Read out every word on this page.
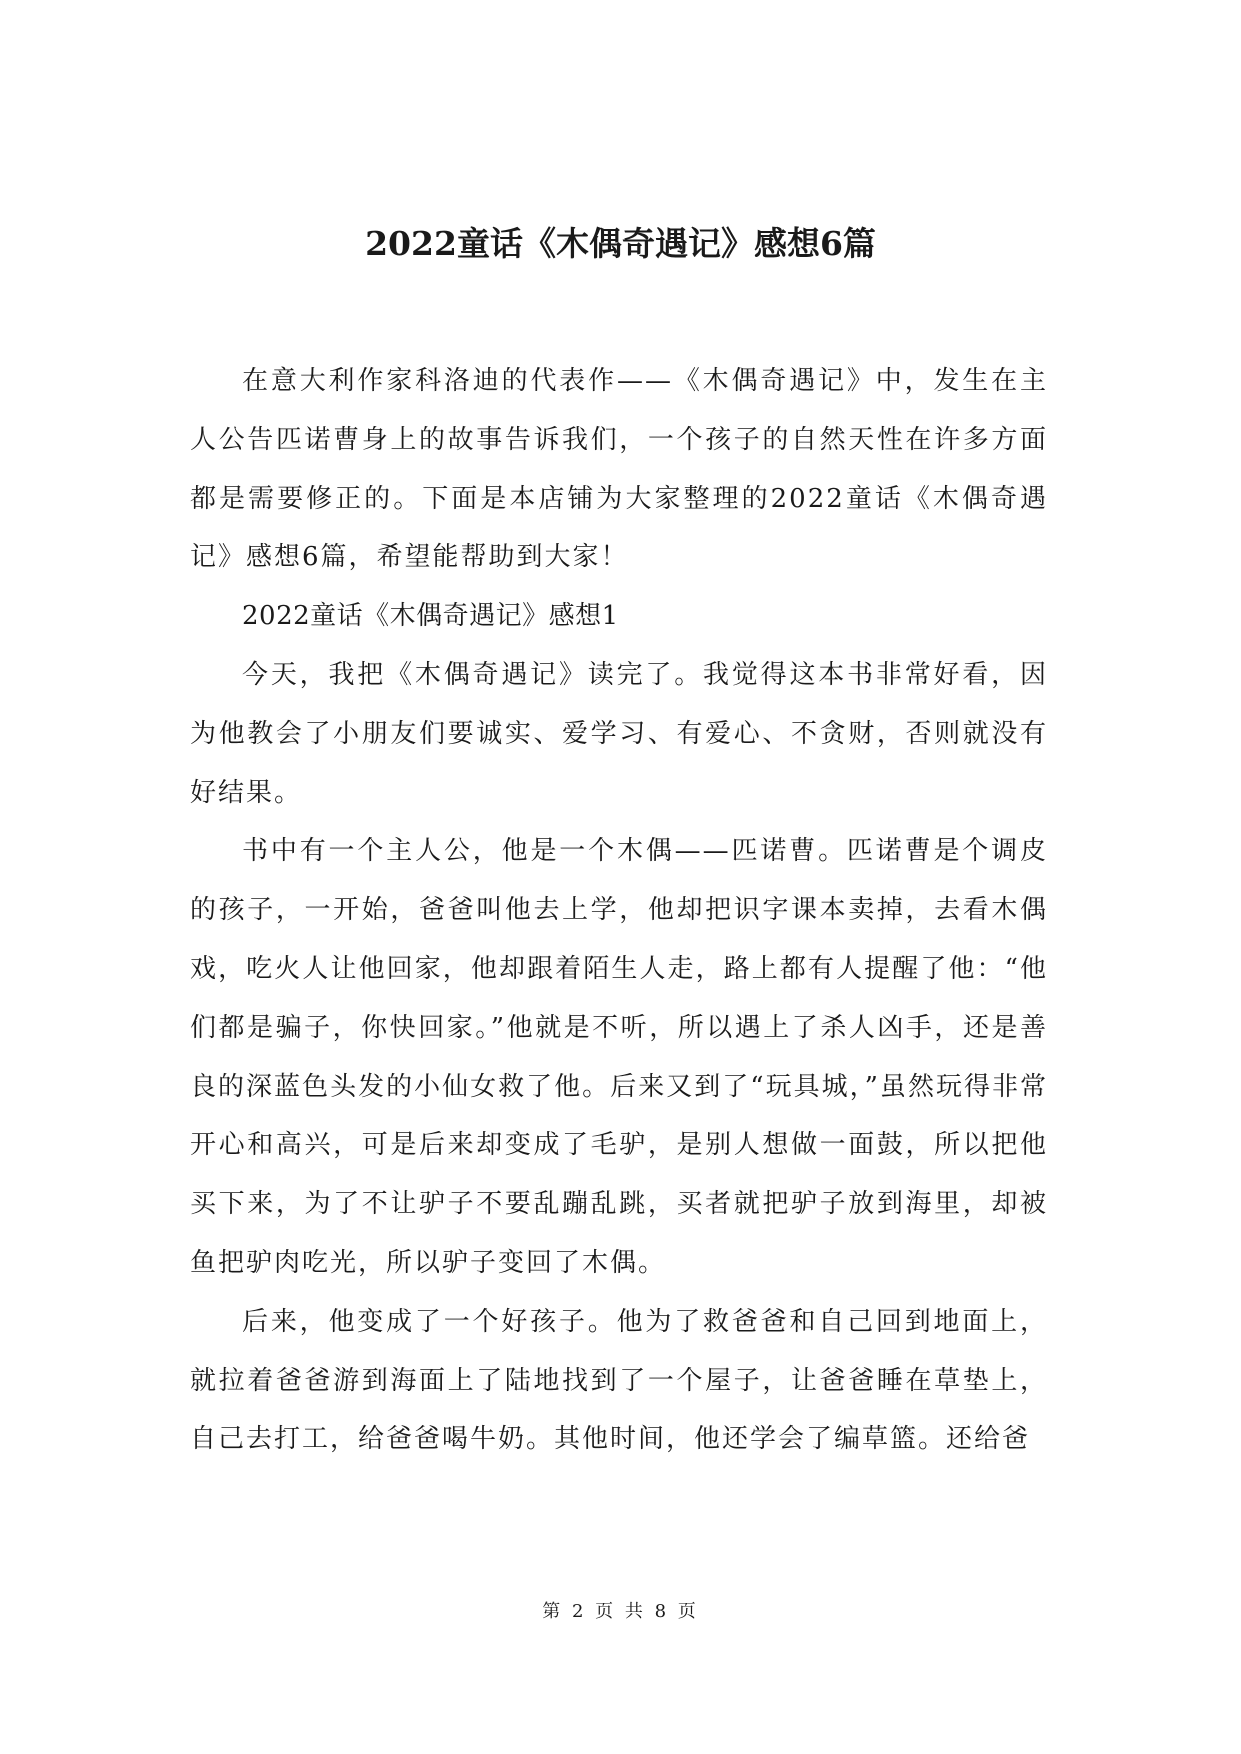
2022童话《木偶奇遇记》感想6篇

在意大利作家科洛迪的代表作——《木偶奇遇记》中，发生在主人公告匹诺曹身上的故事告诉我们，一个孩子的自然天性在许多方面都是需要修正的。下面是本店铺为大家整理的2022童话《木偶奇遇记》感想6篇，希望能帮助到大家！

2022童话《木偶奇遇记》感想1

今天，我把《木偶奇遇记》读完了。我觉得这本书非常好看，因为他教会了小朋友们要诚实、爱学习、有爱心、不贪财，否则就没有好结果。

书中有一个主人公，他是一个木偶——匹诺曹。匹诺曹是个调皮的孩子，一开始，爸爸叫他去上学，他却把识字课本卖掉，去看木偶戏，吃火人让他回家，他却跟着陌生人走，路上都有人提醒了他：“他们都是骗子，你快回家。”他就是不听，所以遇上了杀人凶手，还是善良的深蓝色头发的小仙女救了他。后来又到了“玩具城，”虽然玩得非常开心和高兴，可是后来却变成了毛驴，是别人想做一面鼓，所以把他买下来，为了不让驴子不要乱蹦乱跳，买者就把驴子放到海里，却被鱼把驴肉吃光，所以驴子变回了木偶。

后来，他变成了一个好孩子。他为了救爸爸和自己回到地面上，就拉着爸爸游到海面上了陆地找到了一个屋子，让爸爸睡在草垫上，自己去打工，给爸爸喝牛奶。其他时间，他还学会了编草篮。还给爸

第 2 页 共 8 页
